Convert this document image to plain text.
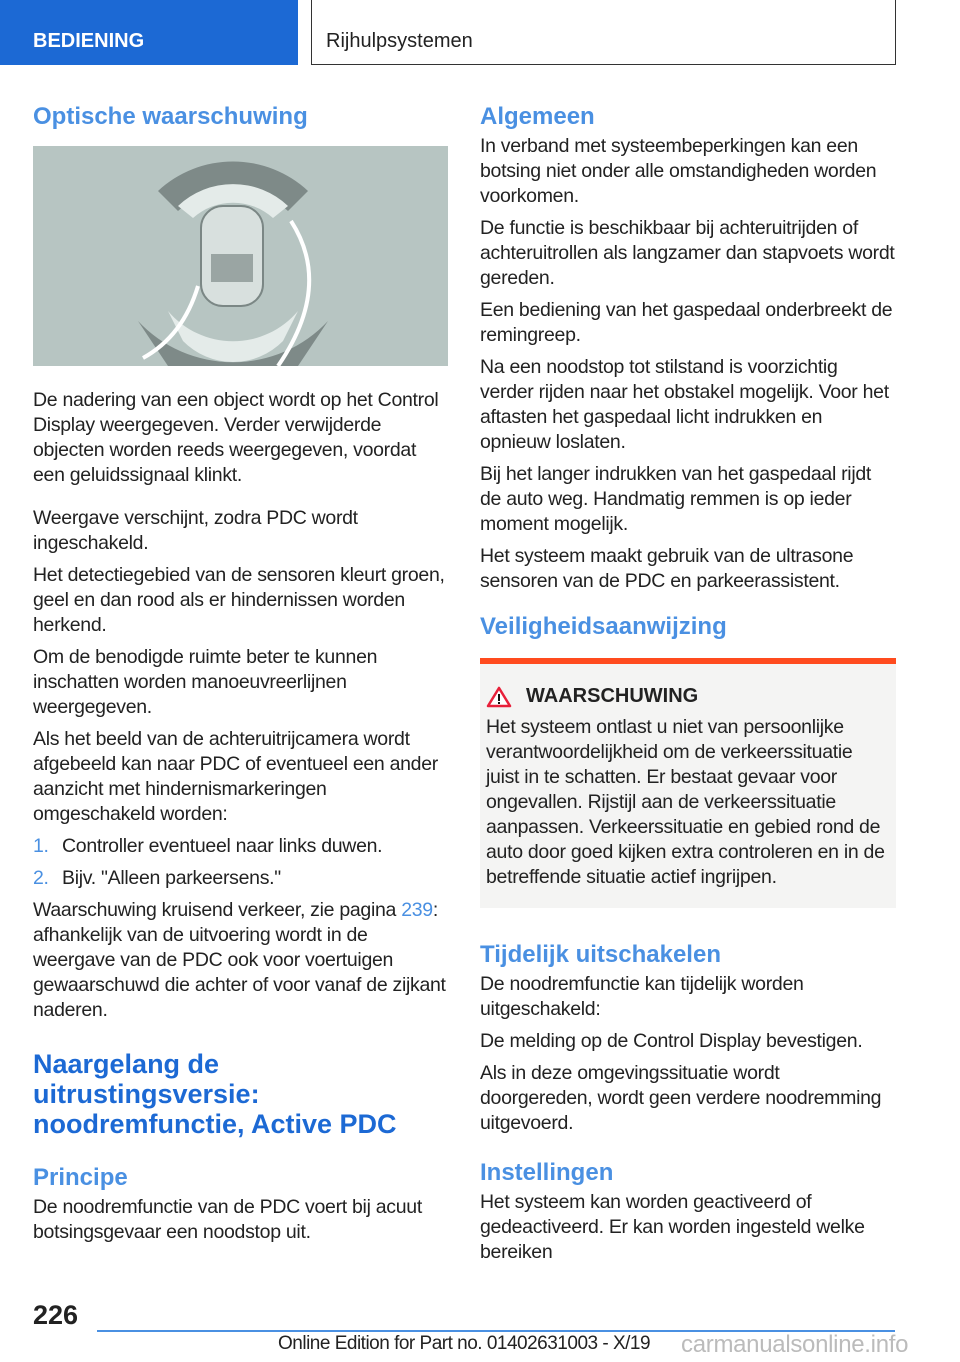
BEDIENING	Rijhulpsystemen
Optische waarschuwing

De nadering van een object wordt op het Control Display weergegeven. Verder verwijderde objecten worden reeds weergegeven, voordat een geluidssignaal klinkt.

Weergave verschijnt, zodra PDC wordt ingeschakeld.

Het detectiegebied van de sensoren kleurt groen, geel en dan rood als er hindernissen worden herkend.

Om de benodigde ruimte beter te kunnen inschatten worden manoeuvreerlijnen weergegeven.

Als het beeld van de achteruitrijcamera wordt afgebeeld kan naar PDC of eventueel een ander aanzicht met hindernismarkeringen omgeschakeld worden:

1. Controller eventueel naar links duwen.
2. Bijv. "Alleen parkeersens."

Waarschuwing kruisend verkeer, zie pagina 239: afhankelijk van de uitvoering wordt in de weergave van de PDC ook voor voertuigen gewaarschuwd die achter of voor vanaf de zijkant naderen.

Naargelang de uitrustingsversie: noodremfunctie, Active PDC
Principe

De noodremfunctie van de PDC voert bij acuut botsingsgevaar een noodstop uit.

Algemeen

In verband met systeembeperkingen kan een botsing niet onder alle omstandigheden worden voorkomen.

De functie is beschikbaar bij achteruitrijden of achteruitrollen als langzamer dan stapvoets wordt gereden.

Een bediening van het gaspedaal onderbreekt de remingreep.

Na een noodstop tot stilstand is voorzichtig verder rijden naar het obstakel mogelijk. Voor het aftasten het gaspedaal licht indrukken en opnieuw loslaten.

Bij het langer indrukken van het gaspedaal rijdt de auto weg. Handmatig remmen is op ieder moment mogelijk.

Het systeem maakt gebruik van de ultrasone sensoren van de PDC en parkeerassistent.

Veiligheidsaanwijzing
WAARSCHUWING
Het systeem ontlast u niet van persoonlijke verantwoordelijkheid om de verkeerssituatie juist in te schatten. Er bestaat gevaar voor ongevallen. Rijstijl aan de verkeerssituatie aanpassen. Verkeerssituatie en gebied rond de auto door goed kijken extra controleren en in de betreffende situatie actief ingrijpen.
Tijdelijk uitschakelen

De noodremfunctie kan tijdelijk worden uitgeschakeld:

De melding op de Control Display bevestigen.

Als in deze omgevingssituatie wordt doorgereden, wordt geen verdere noodremming uitgevoerd.

Instellingen

Het systeem kan worden geactiveerd of gedeactiveerd. Er kan worden ingesteld welke bereiken

226
Online Edition for Part no. 01402631003 - X/19 carmanualsonline.info
